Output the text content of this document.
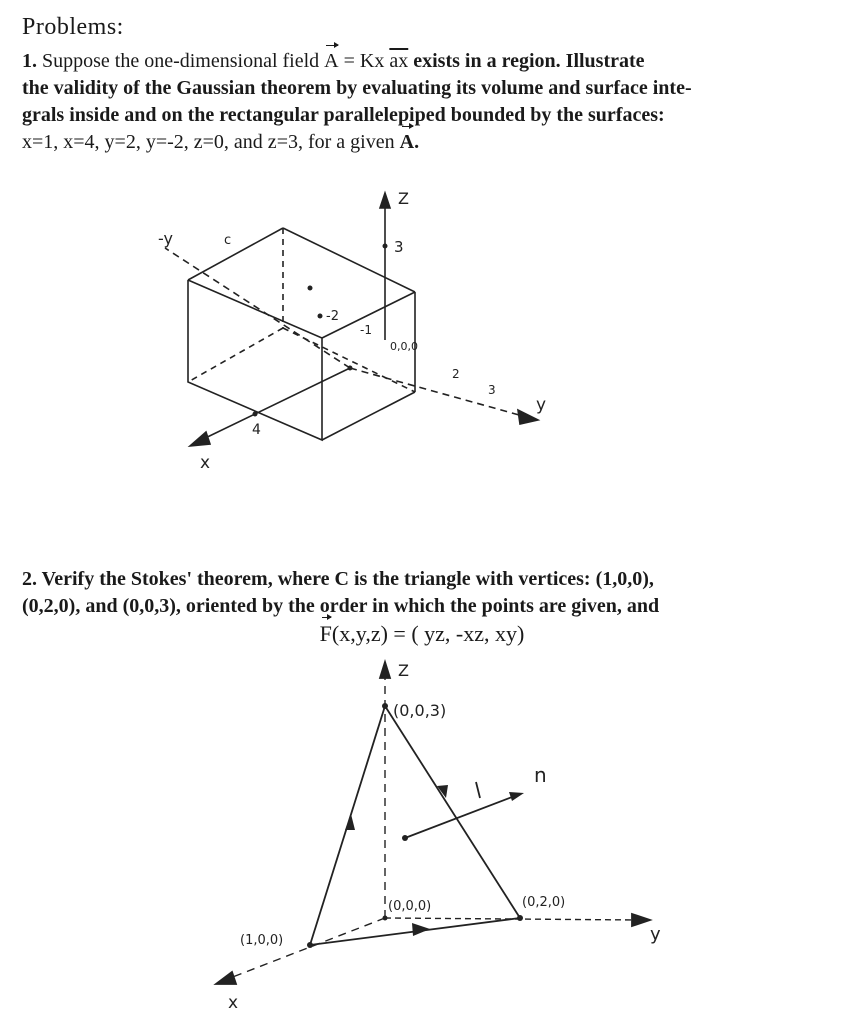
Problems:
1. Suppose the one-dimensional field A = Kx $\overline{ax}$ exists in a region. Illustrate
the validity of the Gaussian theorem by evaluating its volume and surface inte-
grals inside and on the rectangular parallelepiped bounded by the surfaces:
x=1, x=4, y=2, y=-2, z=0, and z=3, for a given A.
Z
-y	c	3
-2
-1
0,0,0
2
3
y
4
x
Z
(0,0,3)
n
(0,0,0)	(0,2,0)
(1,0,0)	y
x
2. Verify the Stokes' theorem, where C is the triangle with vertices: (1,0,0),
(0,2,0), and (0,0,3), oriented by the order in which the points are given, and
F(x,y,z) = ( yz, -xz, xy)
